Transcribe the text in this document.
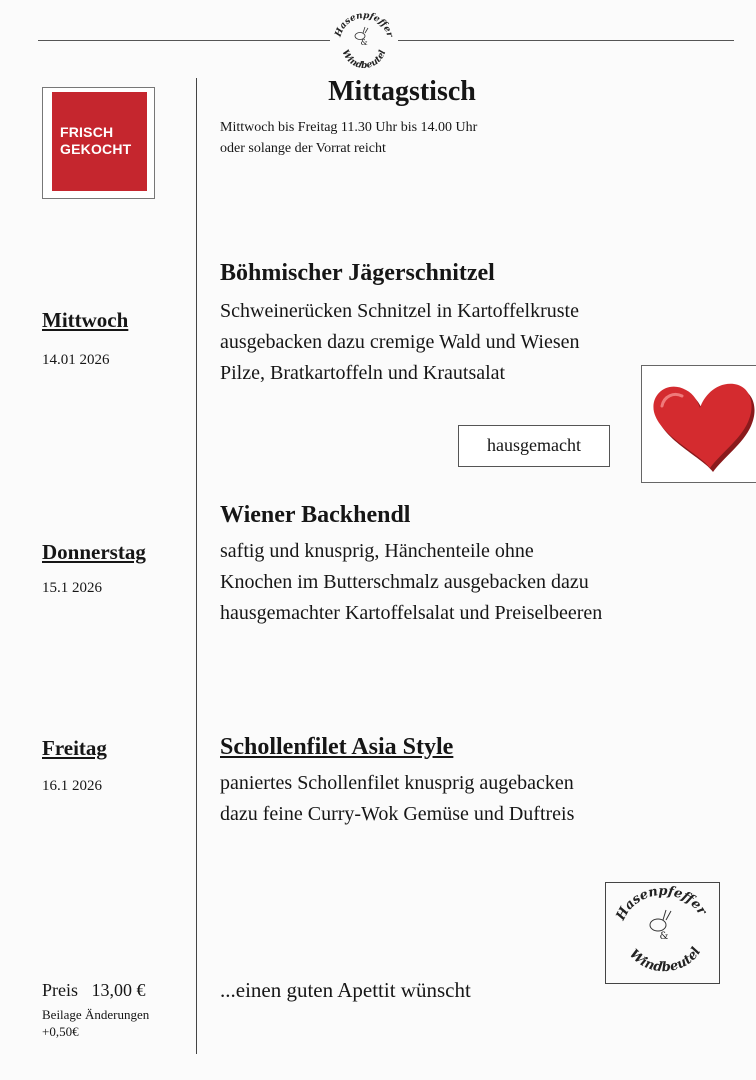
Hasenpfeffer
&
Windbeutel
Mittagstisch
Mittwoch bis Freitag 11.30 Uhr bis 14.00 Uhr
oder solange der Vorrat reicht
FRISCH
GEKOCHT
Mittwoch
14.01 2026
Donnerstag
15.1 2026
Freitag
16.1 2026
Böhmischer Jägerschnitzel
Schweinerücken Schnitzel in Kartoffelkruste
ausgebacken dazu cremige Wald und Wiesen
Pilze, Bratkartoffeln und Krautsalat
hausgemacht
Wiener Backhendl
saftig und knusprig, Hänchenteile ohne
Knochen im Butterschmalz ausgebacken dazu
hausgemachter Kartoffelsalat und Preiselbeeren
Schollenfilet Asia Style
paniertes Schollenfilet knusprig augebacken
dazu feine Curry-Wok Gemüse und Duftreis
Hasenpfeffer
&
Windbeutel
Preis   13,00 €
Beilage Änderungen
+0,50€
...einen guten Apettit wünscht
